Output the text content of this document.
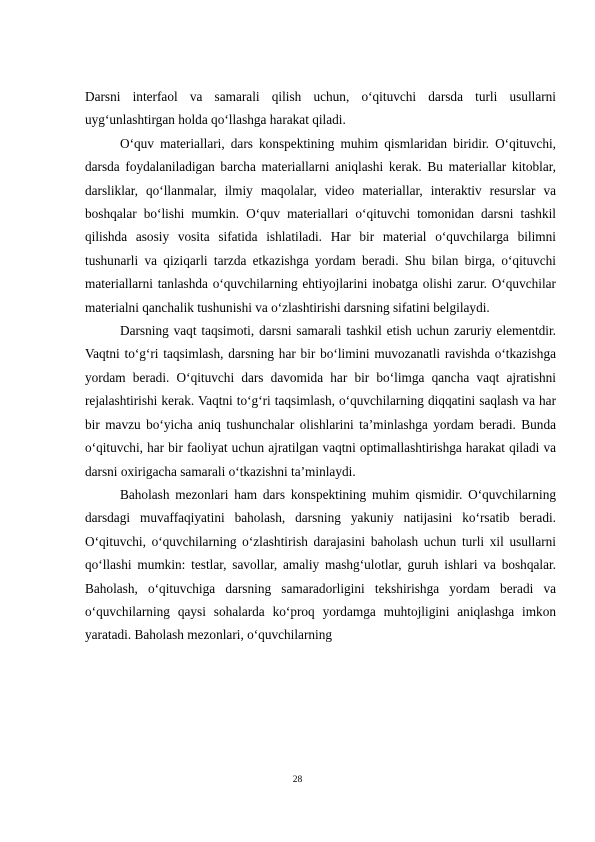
Darsni interfaol va samarali qilish uchun, o‘qituvchi darsda turli usullarni uyg‘unlashtirgan holda qo‘llashga harakat qiladi.

O‘quv materiallari, dars konspektining muhim qismlaridan biridir. O‘qituvchi, darsda foydalaniladigan barcha materiallarni aniqlashi kerak. Bu materiallar kitoblar, darsliklar, qo‘llanmalar, ilmiy maqolalar, video materiallar, interaktiv resurslar va boshqalar bo‘lishi mumkin. O‘quv materiallari o‘qituvchi tomonidan darsni tashkil qilishda asosiy vosita sifatida ishlatiladi. Har bir material o‘quvchilarga bilimni tushunarli va qiziqarli tarzda etkazishga yordam beradi. Shu bilan birga, o‘qituvchi materiallarni tanlashda o‘quvchilarning ehtiyojlarini inobatga olishi zarur. O‘quvchilar materialni qanchalik tushunishi va o‘zlashtirishi darsning sifatini belgilaydi.

Darsning vaqt taqsimoti, darsni samarali tashkil etish uchun zaruriy elementdir. Vaqtni to‘g‘ri taqsimlash, darsning har bir bo‘limini muvozanatli ravishda o‘tkazishga yordam beradi. O‘qituvchi dars davomida har bir bo‘limga qancha vaqt ajratishni rejalashtirishi kerak. Vaqtni to‘g‘ri taqsimlash, o‘quvchilarning diqqatini saqlash va har bir mavzu bo‘yicha aniq tushunchalar olishlarini ta’minlashga yordam beradi. Bunda o‘qituvchi, har bir faoliyat uchun ajratilgan vaqtni optimallashtirishga harakat qiladi va darsni oxirigacha samarali o‘tkazishni ta’minlaydi.

Baholash mezonlari ham dars konspektining muhim qismidir. O‘quvchilarning darsdagi muvaffaqiyatini baholash, darsning yakuniy natijasini ko‘rsatib beradi. O‘qituvchi, o‘quvchilarning o‘zlashtirish darajasini baholash uchun turli xil usullarni qo‘llashi mumkin: testlar, savollar, amaliy mashg‘ulotlar, guruh ishlari va boshqalar. Baholash, o‘qituvchiga darsning samaradorligini tekshirishga yordam beradi va o‘quvchilarning qaysi sohalarda ko‘proq yordamga muhtojligini aniqlashga imkon yaratadi. Baholash mezonlari, o‘quvchilarning

28
